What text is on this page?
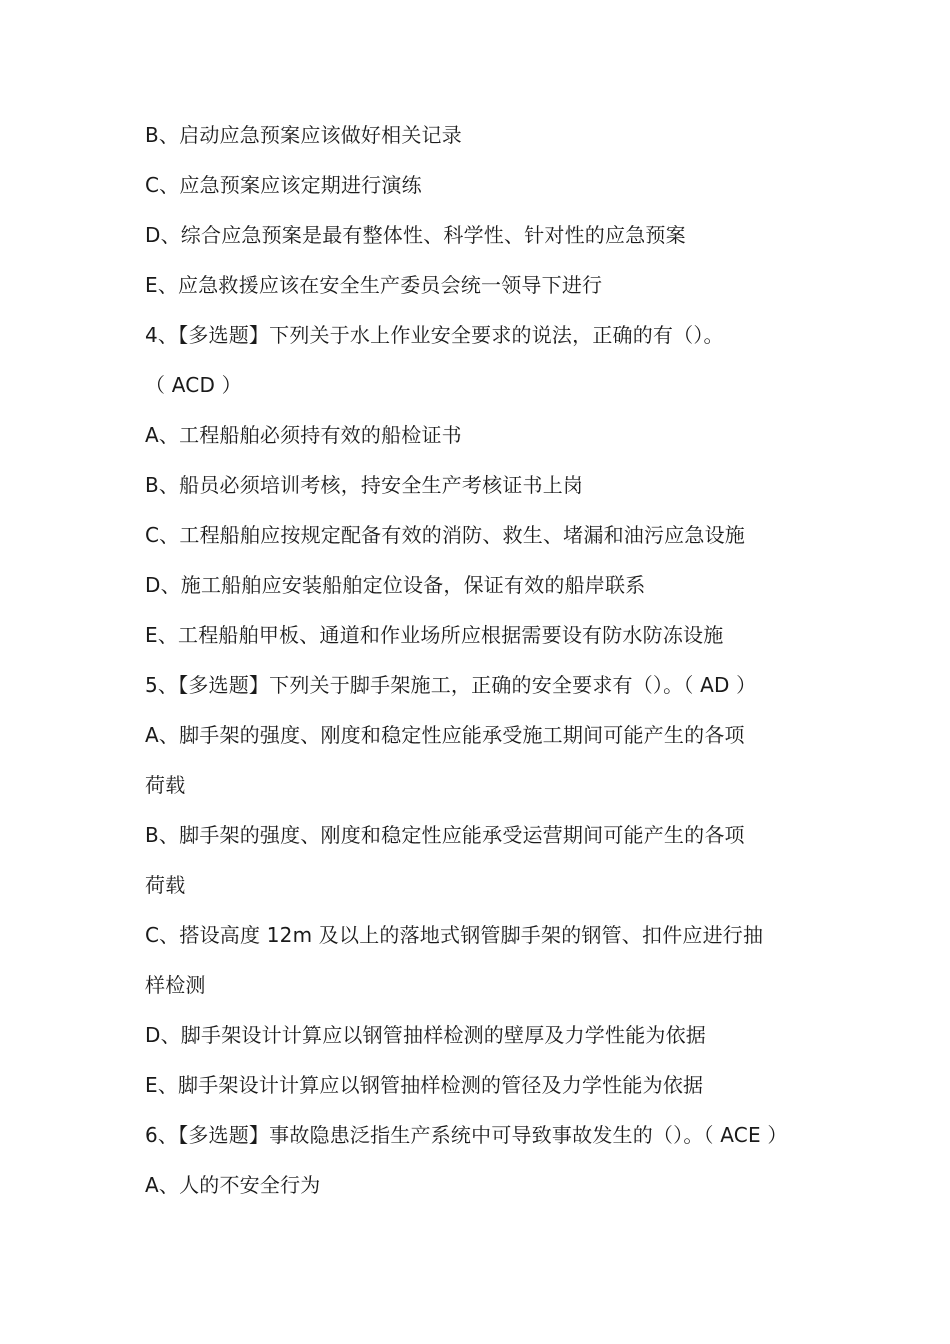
B、启动应急预案应该做好相关记录
C、应急预案应该定期进行演练
D、综合应急预案是最有整体性、科学性、针对性的应急预案
E、应急救援应该在安全生产委员会统一领导下进行
4、【多选题】下列关于水上作业安全要求的说法，正确的有（）。
（ ACD ）
A、工程船舶必须持有效的船检证书
B、船员必须培训考核，持安全生产考核证书上岗
C、工程船舶应按规定配备有效的消防、救生、堵漏和油污应急设施
D、施工船舶应安装船舶定位设备，保证有效的船岸联系
E、工程船舶甲板、通道和作业场所应根据需要设有防水防冻设施
5、【多选题】下列关于脚手架施工，正确的安全要求有（）。（ AD ）
A、脚手架的强度、刚度和稳定性应能承受施工期间可能产生的各项
荷载
B、脚手架的强度、刚度和稳定性应能承受运营期间可能产生的各项
荷载
C、搭设高度 12m 及以上的落地式钢管脚手架的钢管、扣件应进行抽
样检测
D、脚手架设计计算应以钢管抽样检测的壁厚及力学性能为依据
E、脚手架设计计算应以钢管抽样检测的管径及力学性能为依据
6、【多选题】事故隐患泛指生产系统中可导致事故发生的（）。（ ACE ）
A、人的不安全行为
